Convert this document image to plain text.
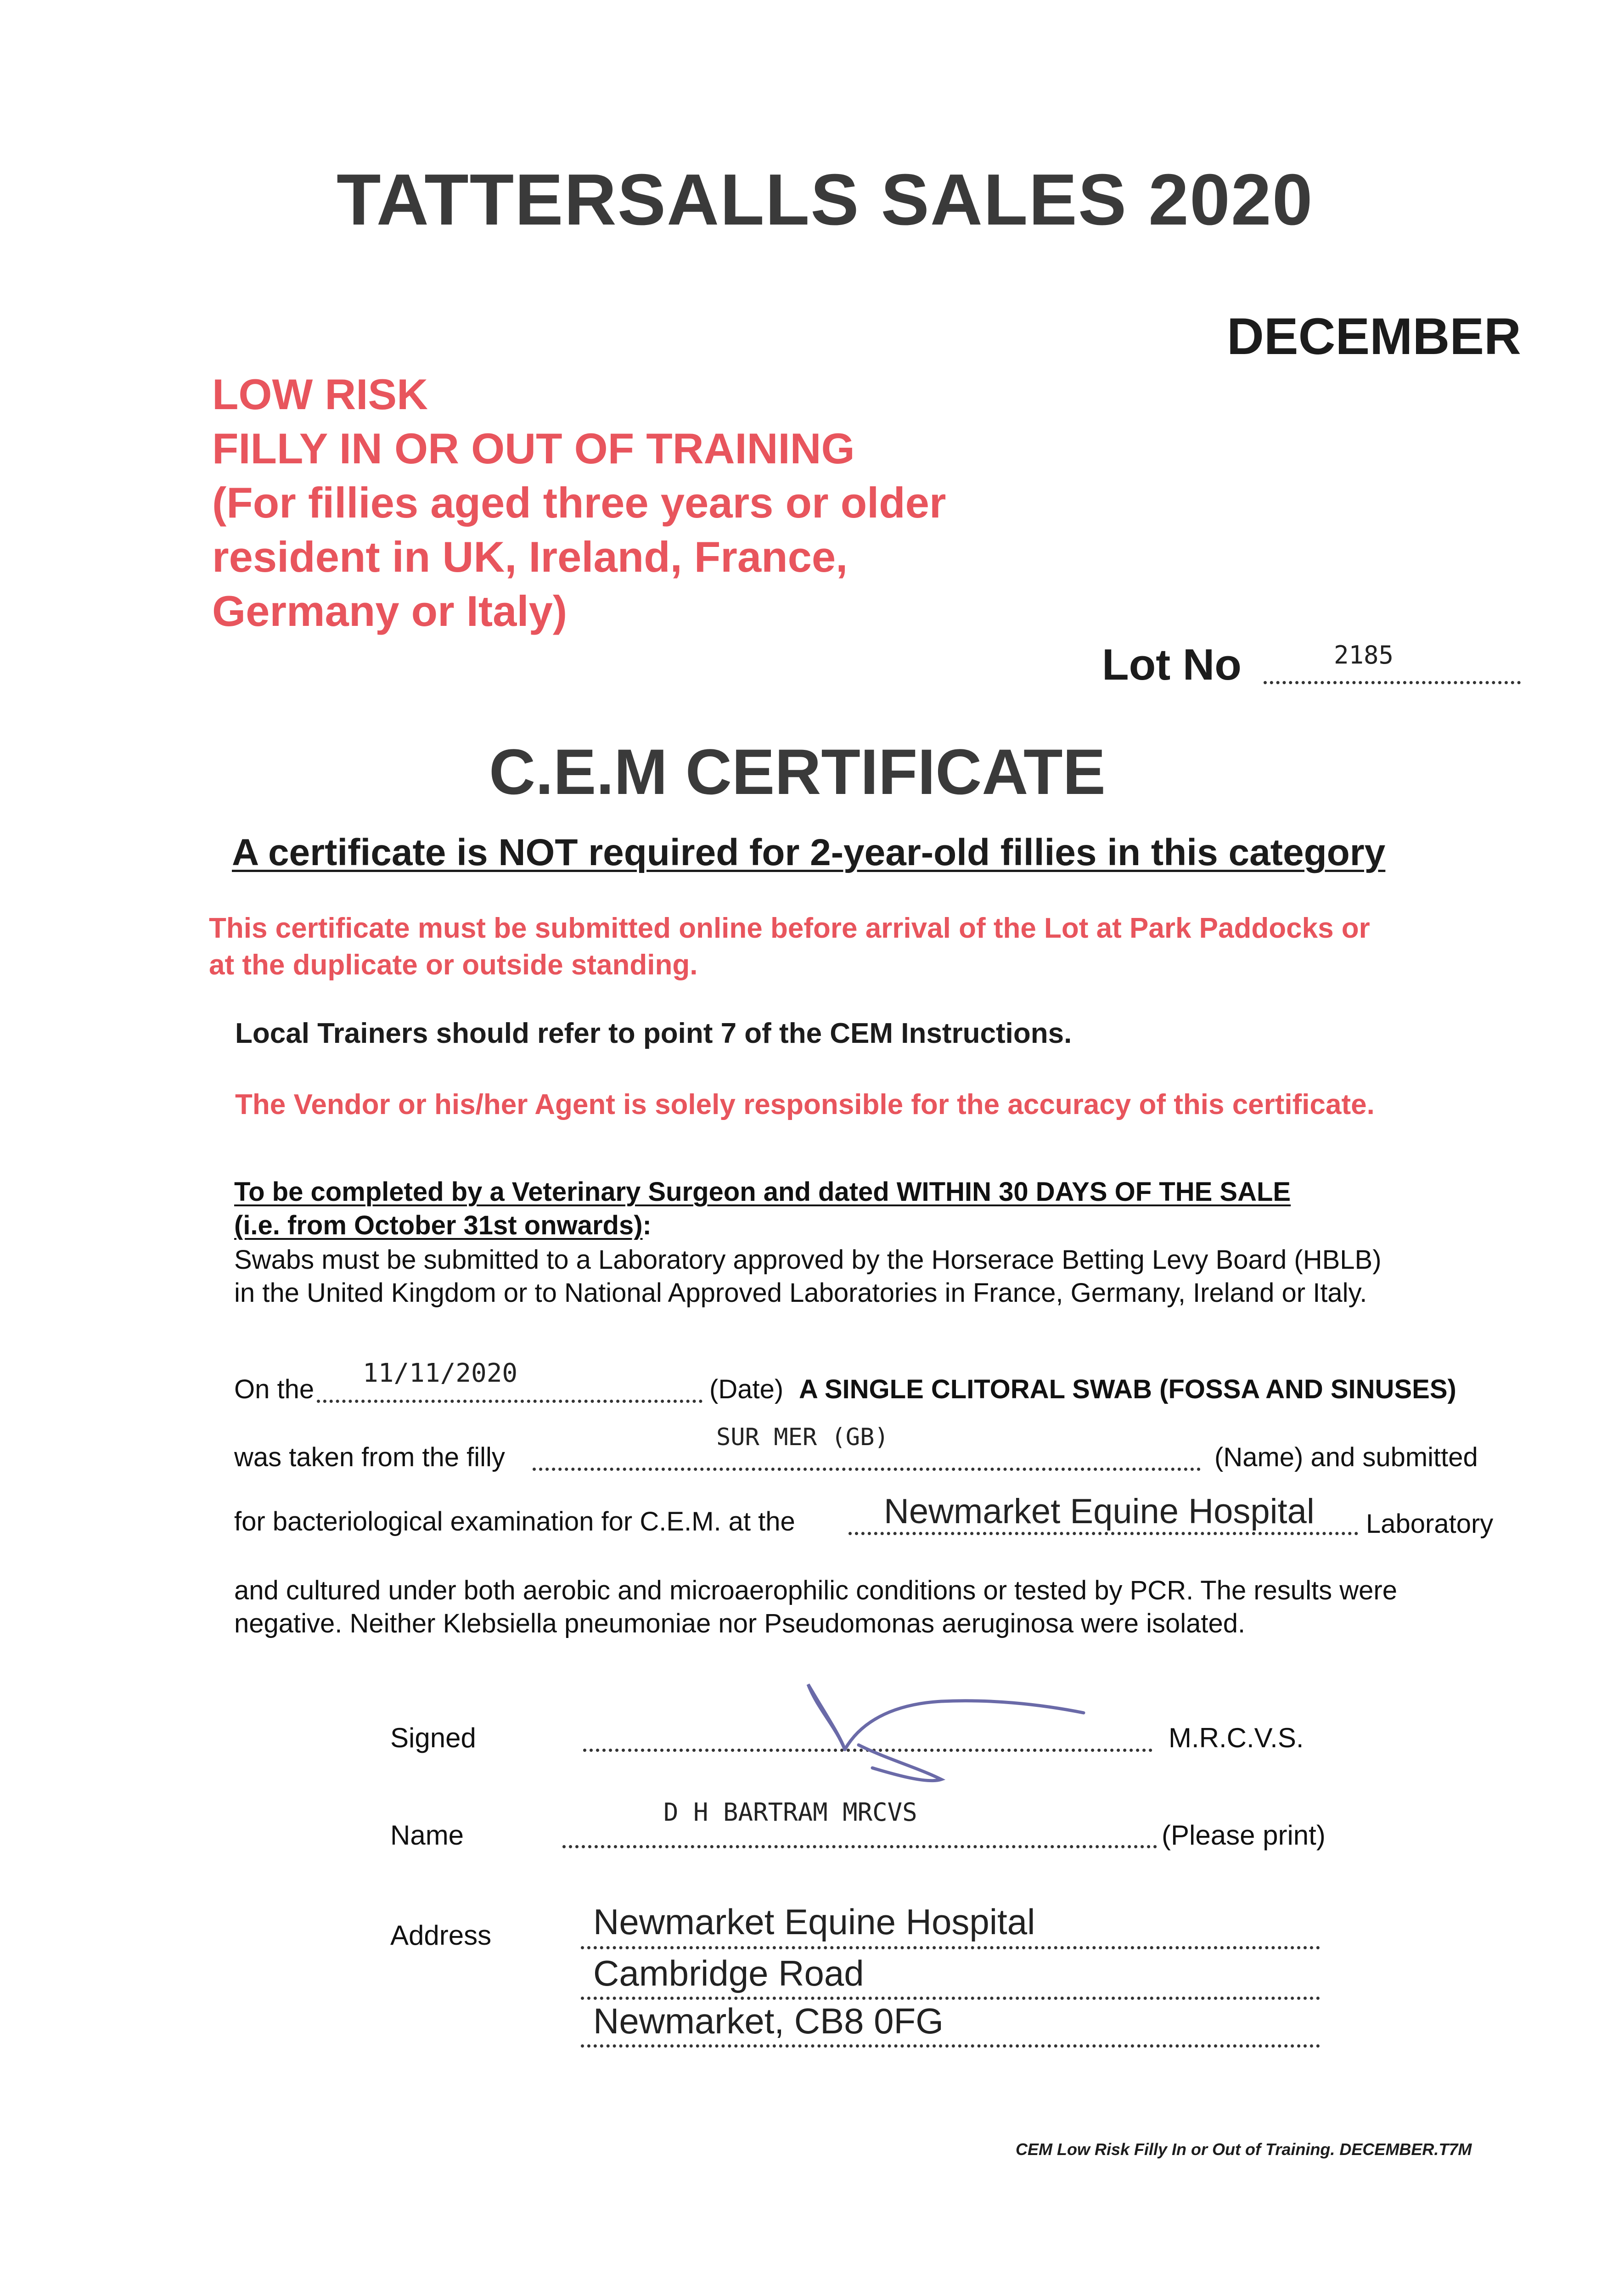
TATTERSALLS SALES 2020
DECEMBER
LOW RISK
FILLY IN OR OUT OF TRAINING
(For fillies aged three years or older
resident in UK, Ireland, France,
Germany or Italy)
Lot No	2185
C.E.M CERTIFICATE
A certificate is NOT required for 2-year-old fillies in this category
This certificate must be submitted online before arrival of the Lot at Park Paddocks or
at the duplicate or outside standing.
Local Trainers should refer to point 7 of the CEM Instructions.
The Vendor or his/her Agent is solely responsible for the accuracy of this certificate.
To be completed by a Veterinary Surgeon and dated WITHIN 30 DAYS OF THE SALE
(i.e. from October 31st onwards):
Swabs must be submitted to a Laboratory approved by the Horserace Betting Levy Board (HBLB)
in the United Kingdom or to National Approved Laboratories in France, Germany, Ireland or Italy.
On the
11/11/2020
(Date) A SINGLE CLITORAL SWAB (FOSSA AND SINUSES)
was taken from the filly
SUR MER (GB)
(Name) and submitted
for bacteriological examination for C.E.M. at the	Newmarket Equine Hospital Laboratory
and cultured under both aerobic and microaerophilic conditions or tested by PCR. The results were
negative. Neither Klebsiella pneumoniae nor Pseudomonas aeruginosa were isolated.
Signed	M.R.C.V.S.
Name
D H BARTRAM MRCVS
(Please print)
Address	Newmarket Equine Hospital
Cambridge Road
Newmarket, CB8 0FG
CEM Low Risk Filly In or Out of Training. DECEMBER.T7M
